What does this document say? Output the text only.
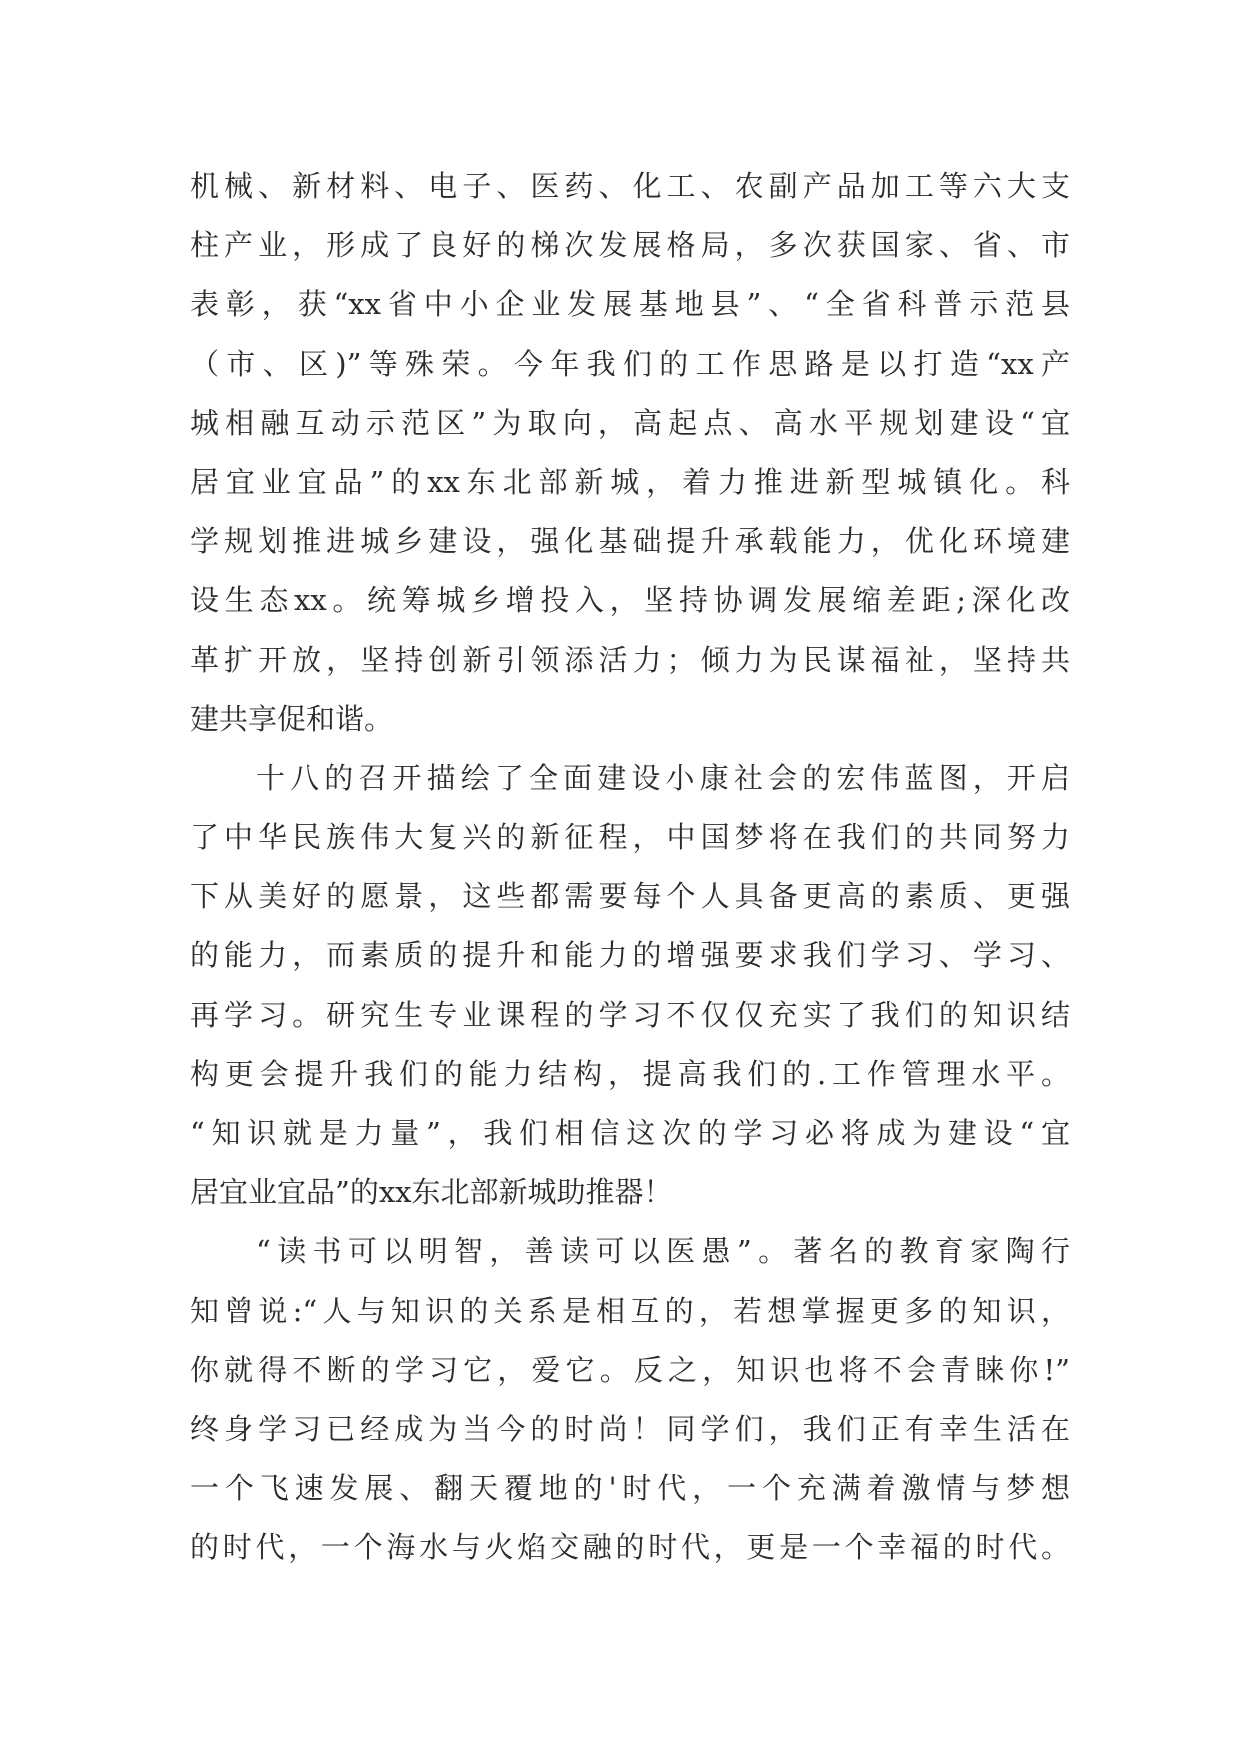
机械、新材料、电子、医药、化工、农副产品加工等六大支
柱产业，形成了良好的梯次发展格局，多次获国家、省、市
表彰，获“xx省中小企业发展基地县”、“全省科普示范县
（市、区)”等殊荣。今年我们的工作思路是以打造“xx产
城相融互动示范区”为取向，高起点、高水平规划建设“宜
居宜业宜品”的xx东北部新城，着力推进新型城镇化。科
学规划推进城乡建设，强化基础提升承载能力，优化环境建
设生态xx。统筹城乡增投入，坚持协调发展缩差距;深化改
革扩开放，坚持创新引领添活力；倾力为民谋福祉，坚持共
建共享促和谐。
十八的召开描绘了全面建设小康社会的宏伟蓝图，开启
了中华民族伟大复兴的新征程，中国梦将在我们的共同努力
下从美好的愿景，这些都需要每个人具备更高的素质、更强
的能力，而素质的提升和能力的增强要求我们学习、学习、
再学习。研究生专业课程的学习不仅仅充实了我们的知识结
构更会提升我们的能力结构，提高我们的.工作管理水平。
“知识就是力量”，我们相信这次的学习必将成为建设“宜
居宜业宜品”的xx东北部新城助推器！
“读书可以明智，善读可以医愚”。著名的教育家陶行
知曾说:“人与知识的关系是相互的，若想掌握更多的知识，
你就得不断的学习它，爱它。反之，知识也将不会青睐你!”
终身学习已经成为当今的时尚！同学们，我们正有幸生活在
一个飞速发展、翻天覆地的'时代，一个充满着激情与梦想
的时代，一个海水与火焰交融的时代，更是一个幸福的时代。
